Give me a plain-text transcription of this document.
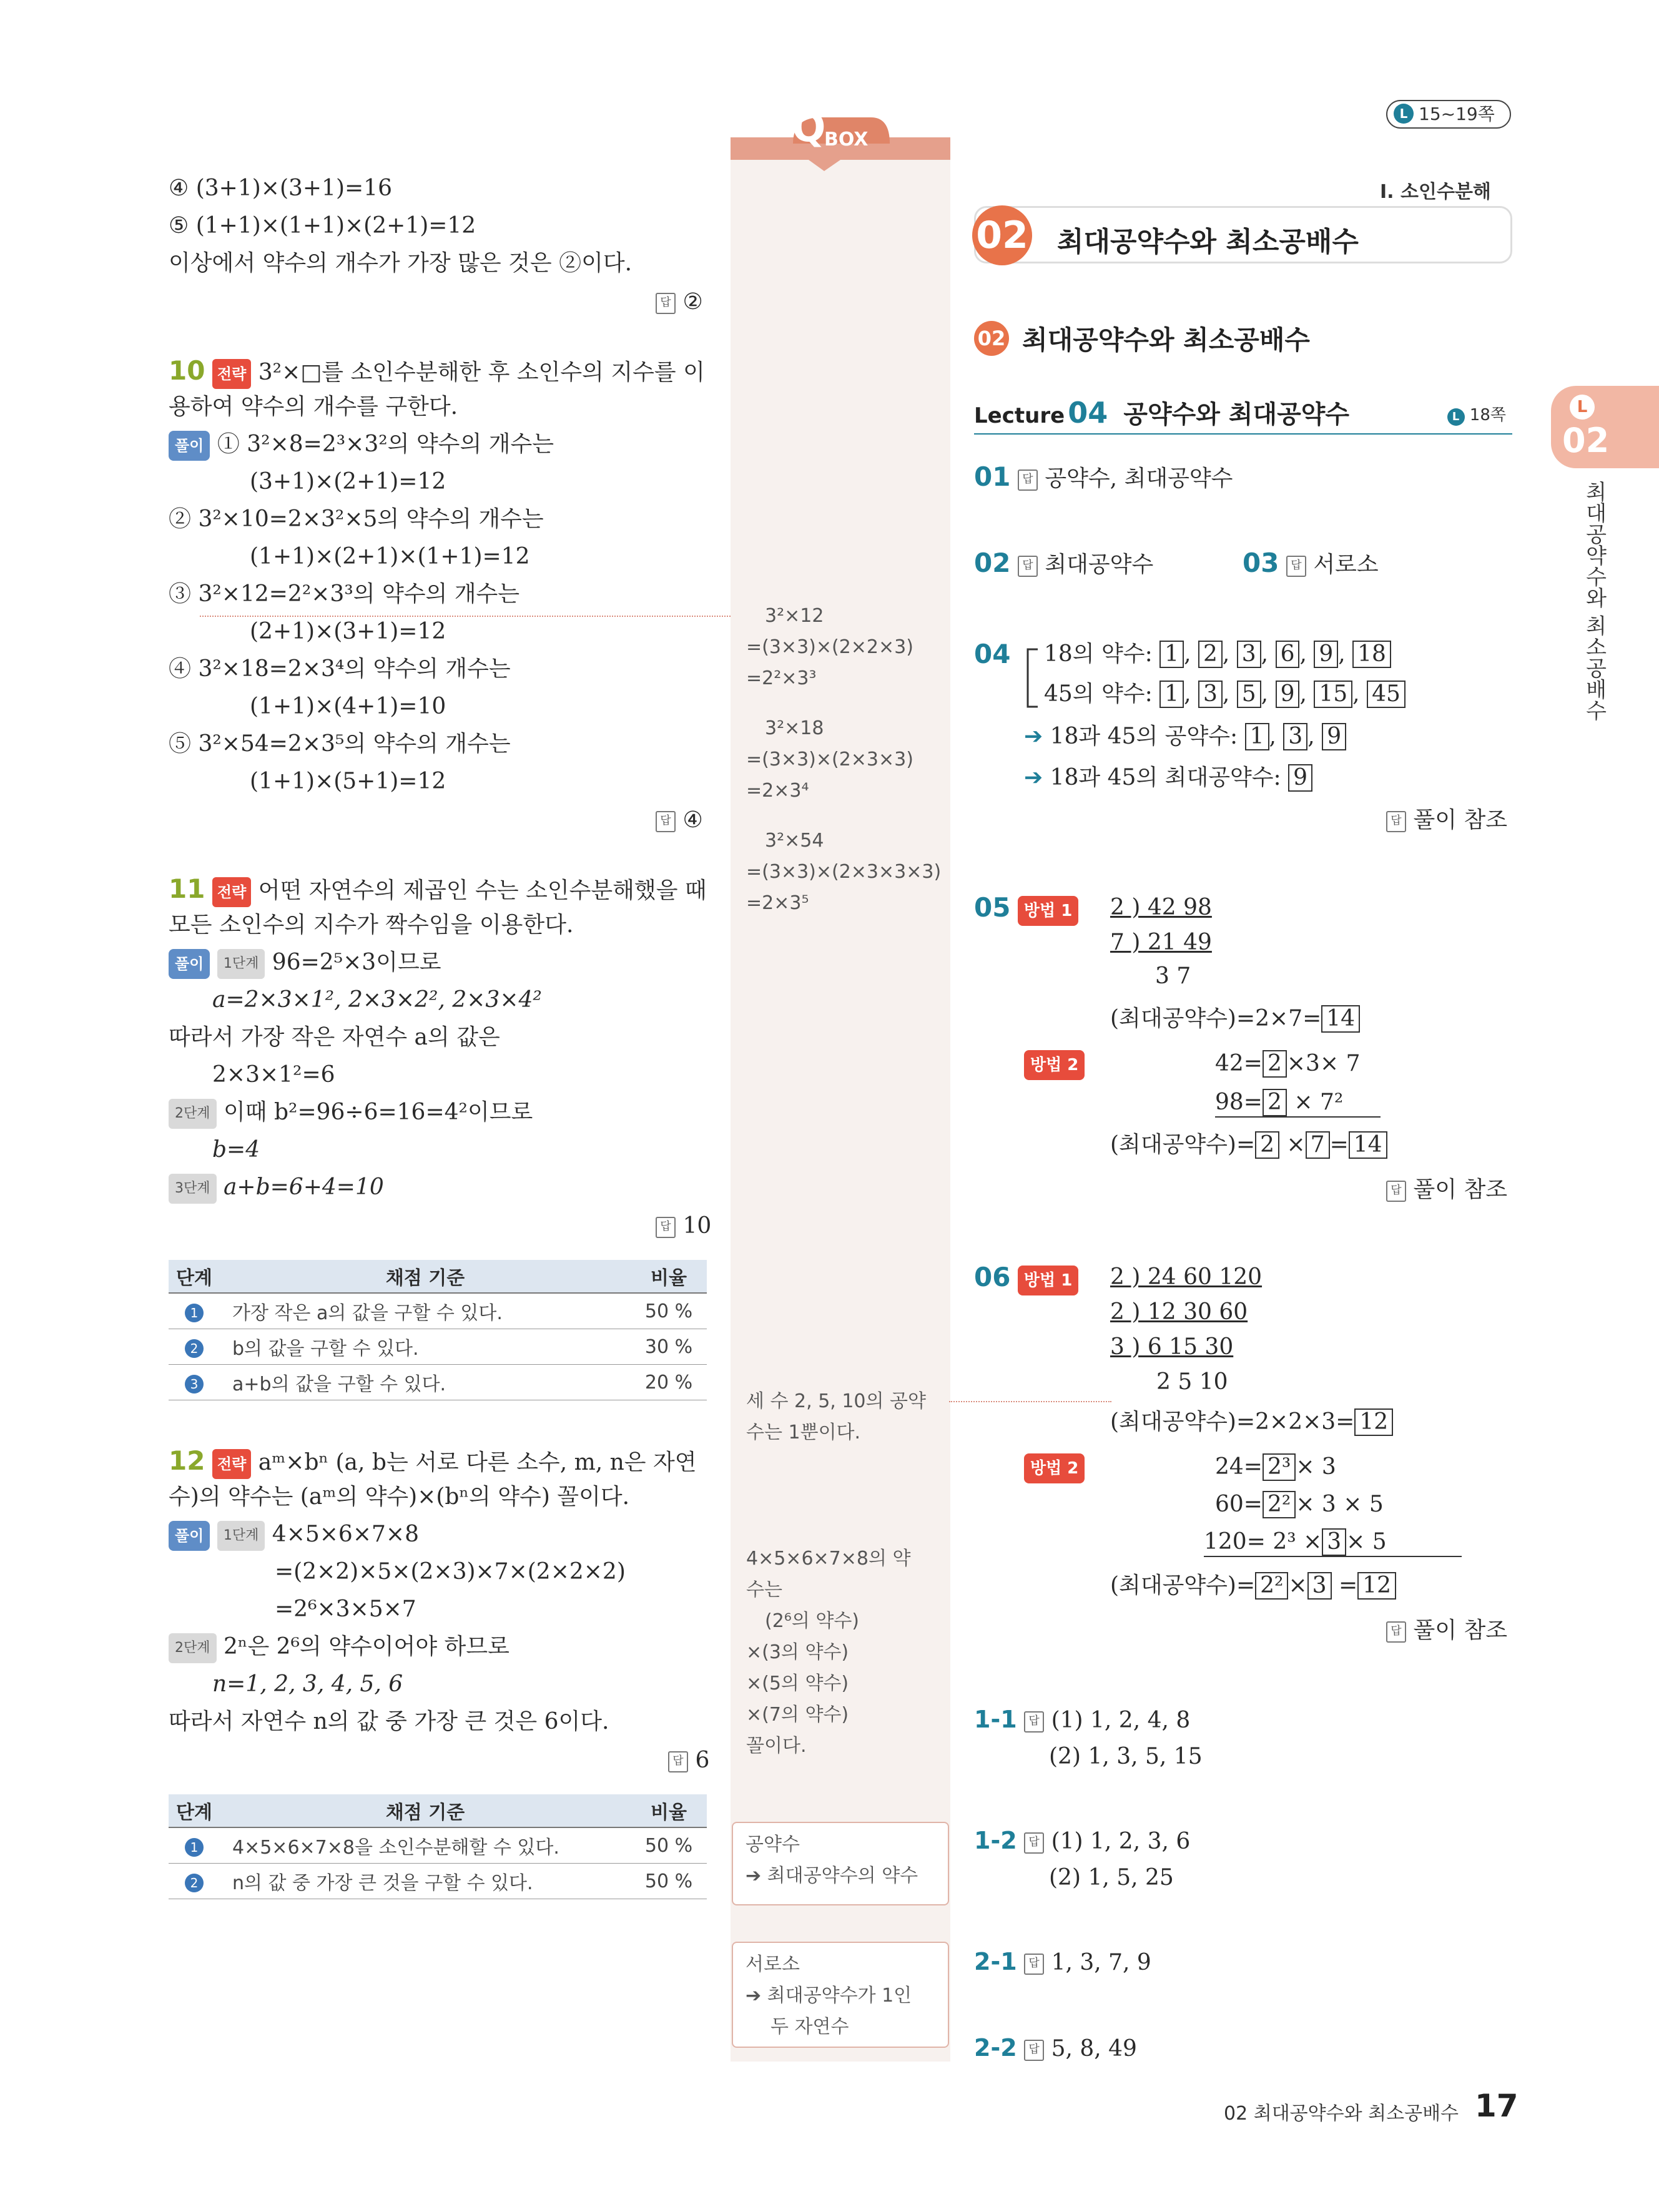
Q
BOX
L 15~19쪽
I. 소인수분해
02 최대공약수와 최소공배수
L
02
최대공약수와 최소공배수
④ (3+1)×(3+1)=16
⑤ (1+1)×(1+1)×(2+1)=12
이상에서 약수의 개수가 가장 많은 것은 ②이다.
답 ②
10 전략 3²×□를 소인수분해한 후 소인수의 지수를 이
용하여 약수의 개수를 구한다.
풀이 ① 3²×8=2³×3²의 약수의 개수는
(3+1)×(2+1)=12
② 3²×10=2×3²×5의 약수의 개수는
(1+1)×(2+1)×(1+1)=12
③ 3²×12=2²×3³의 약수의 개수는
(2+1)×(3+1)=12
④ 3²×18=2×3⁴의 약수의 개수는
(1+1)×(4+1)=10
⑤ 3²×54=2×3⁵의 약수의 개수는
(1+1)×(5+1)=12
답 ④
11 전략 어떤 자연수의 제곱인 수는 소인수분해했을 때
모든 소인수의 지수가 짝수임을 이용한다.
풀이 1단계 96=2⁵×3이므로
a=2×3×1², 2×3×2², 2×3×4²
따라서 가장 작은 자연수 a의 값은
2×3×1²=6
2단계 이때 b²=96÷6=16=4²이므로
b=4
3단계 a+b=6+4=10
답 10
단계	채점 기준	비율
1	가장 작은 a의 값을 구할 수 있다.	50 %
2	b의 값을 구할 수 있다.	30 %
3	a+b의 값을 구할 수 있다.	20 %
12 전략 aᵐ×bⁿ (a, b는 서로 다른 소수, m, n은 자연
수)의 약수는 (aᵐ의 약수)×(bⁿ의 약수) 꼴이다.
풀이 1단계 4×5×6×7×8
=(2×2)×5×(2×3)×7×(2×2×2)
=2⁶×3×5×7
2단계 2ⁿ은 2⁶의 약수이어야 하므로
n=1, 2, 3, 4, 5, 6
따라서 자연수 n의 값 중 가장 큰 것은 6이다.
답 6
단계	채점 기준	비율
1	4×5×6×7×8을 소인수분해할 수 있다.	50 %
2	n의 값 중 가장 큰 것을 구할 수 있다.	50 %
3²×12
=(3×3)×(2×2×3)
=2²×3³
3²×18
=(3×3)×(2×3×3)
=2×3⁴
3²×54
=(3×3)×(2×3×3×3)
=2×3⁵
세 수 2, 5, 10의 공약
수는 1뿐이다.
4×5×6×7×8의 약
수는
(2⁶의 약수)
×(3의 약수)
×(5의 약수)
×(7의 약수)
꼴이다.
공약수
➔ 최대공약수의 약수
서로소
➔ 최대공약수가 1인
두 자연수
02 최대공약수와 최소공배수
Lecture 04 공약수와 최대공약수	L 18쪽
01 답 공약수, 최대공약수
02 답 최대공약수	03 답 서로소
04 18의 약수: 1 , 2 , 3 , 6 , 9 , 18
45의 약수: 1 , 3 , 5 , 9 , 15 , 45
➔ 18과 45의 공약수: 1 , 3 , 9
➔ 18과 45의 최대공약수: 9
답 풀이 참조
05 방법 1 2 ) 42 98
7 ) 21 49
3 7
(최대공약수)=2×7= 14
방법 2	42= 2 ×3× 7
98= 2 × 7²
(최대공약수)= 2 × 7 = 14
답 풀이 참조
06 방법 1 2 ) 24 60 120
2 ) 12 30 60
3 ) 6 15 30
2 5 10
(최대공약수)=2×2×3= 12
방법 2	24= 2³ × 3
60= 2² × 3 × 5
120= 2³ × 3 × 5
(최대공약수)= 2² × 3 = 12
답 풀이 참조
1-1 답 (1) 1, 2, 4, 8
(2) 1, 3, 5, 15
1-2 답 (1) 1, 2, 3, 6
(2) 1, 5, 25
2-1 답 1, 3, 7, 9
2-2 답 5, 8, 49
02 최대공약수와 최소공배수 17
